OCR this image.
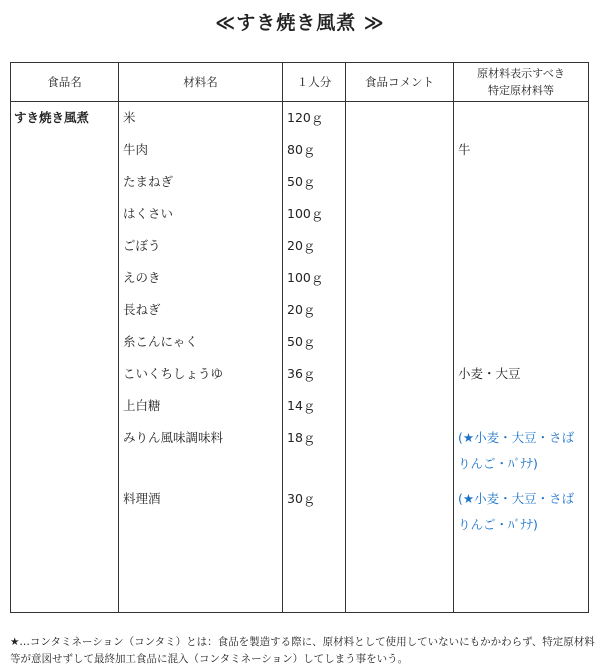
≪すき焼き風煮 ≫
食品名	材料名	１人分	食品コメント	原材料表示すべき
特定原材料等
すき焼き風煮	米	120ｇ		
	牛肉	80ｇ		牛
	たまねぎ	50ｇ		
	はくさい	100ｇ		
	ごぼう	20ｇ		
	えのき	100ｇ		
	長ねぎ	20ｇ		
	糸こんにゃく	50ｇ		
	こいくちしょうゆ	36ｇ		小麦・大豆
	上白糖	14ｇ		
	みりん風味調味料	18ｇ		(★小麦・大豆・さば
りんご・ﾊﾞﾅﾅ)
	料理酒	30ｇ		(★小麦・大豆・さば
りんご・ﾊﾞﾅﾅ)

★…コンタミネーション（コンタミ）とは：食品を製造する際に、原材料として使用していないにもかかわらず、特定原材料等が意図せずして最終加工食品に混入（コンタミネーション）してしまう事をいう。
